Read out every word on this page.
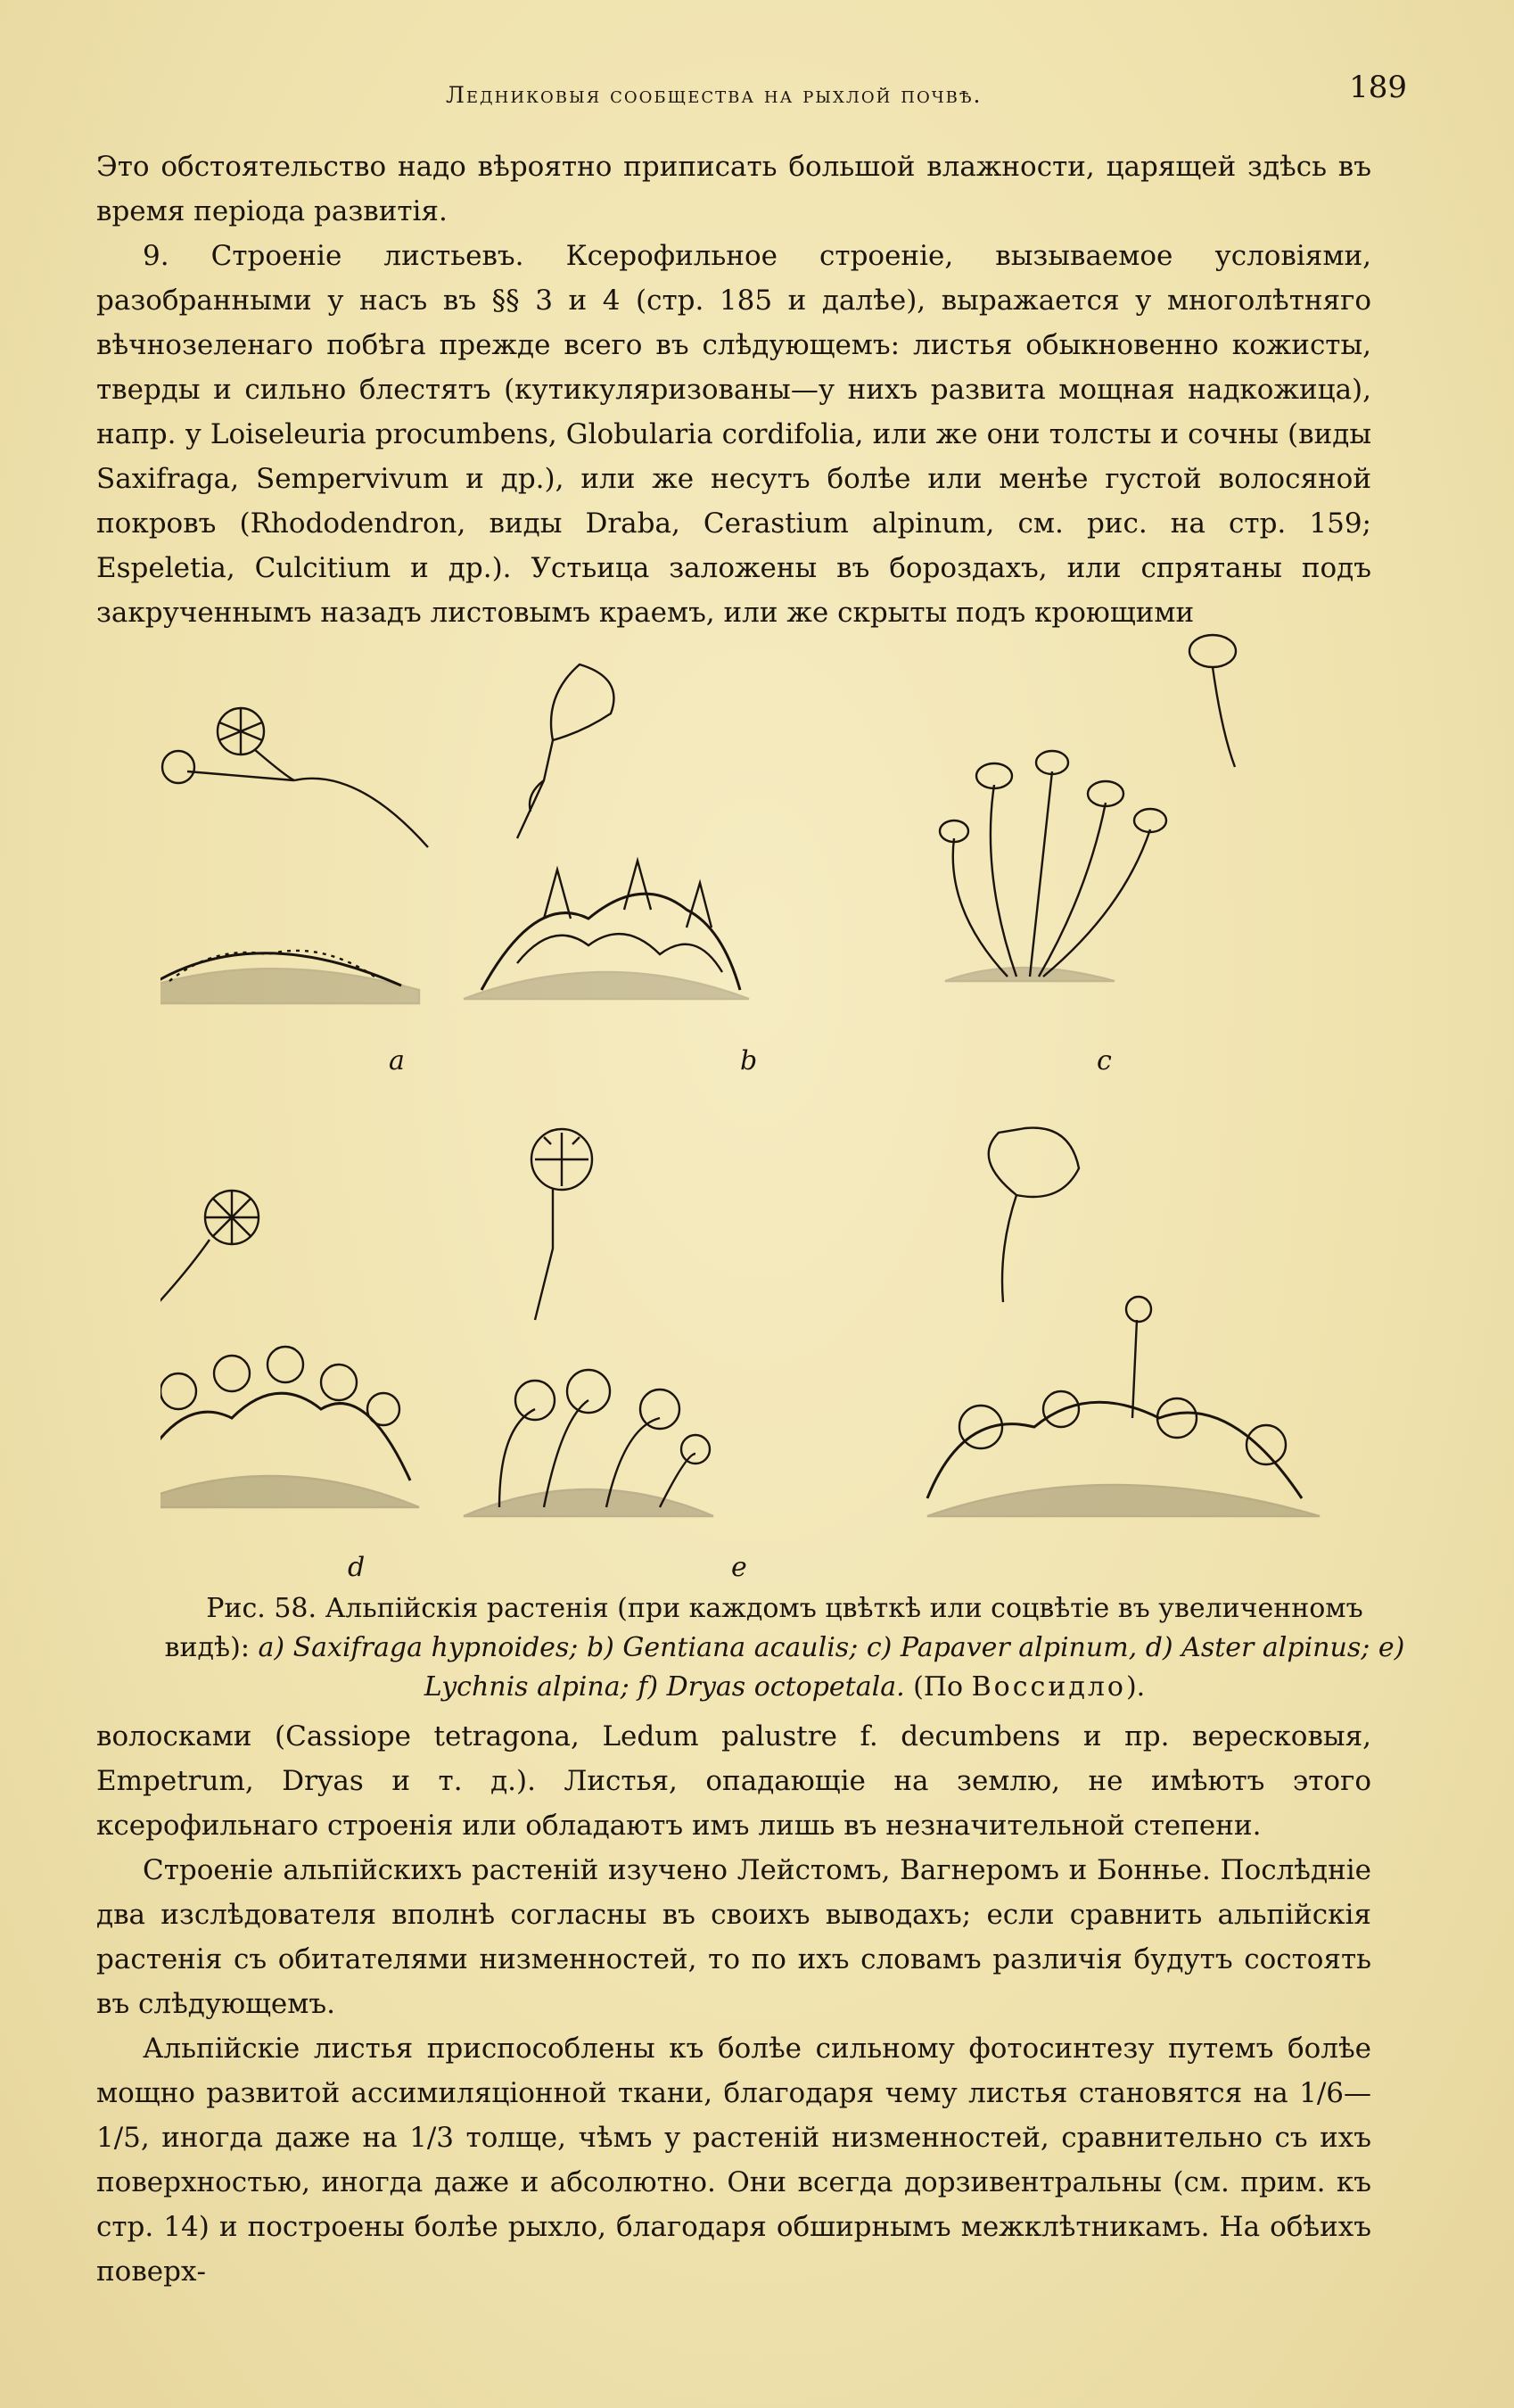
Ледниковыя сообщества на рыхлой почвѣ.	189

Это обстоятельство надо вѣроятно приписать большой влажности, царящей здѣсь въ время періода развитія.

9. Строеніе листьевъ. Ксерофильное строеніе, вызываемое условіями, разобранными у насъ въ §§ 3 и 4 (стр. 185 и далѣе), выражается у многолѣтняго вѣчнозеленаго побѣга прежде всего въ слѣдующемъ: листья обыкновенно кожисты, тверды и сильно блестятъ (кутикуляризованы—у нихъ развита мощная надкожица), напр. у Loiseleuria procumbens, Globularia cordifolia, или же они толсты и сочны (виды Saxifraga, Sempervivum и др.), или же несутъ болѣе или менѣе густой волосяной покровъ (Rhododendron, виды Draba, Cerastium alpinum, см. рис. на стр. 159; Espeletia, Culcitium и др.). Устьица заложены въ бороздахъ, или спрятаны подъ закрученнымъ назадъ листовымъ краемъ, или же скрыты подъ кроющими

a	b	c
d	e
Рис. 58. Альпійскія растенія (при каждомъ цвѣткѣ или соцвѣтіе въ увеличенномъ видѣ): a) Saxifraga hypnoides; b) Gentiana acaulis; c) Papaver alpinum, d) Aster alpinus; e) Lychnis alpina; f) Dryas octopetala. (По Воссидло).

волосками (Cassiope tetragona, Ledum palustre f. decumbens и пр. вересковыя, Empetrum, Dryas и т. д.). Листья, опадающіе на землю, не имѣютъ этого ксерофильнаго строенія или обладаютъ имъ лишь въ незначительной степени.

Строеніе альпійскихъ растеній изучено Лейстомъ, Вагнеромъ и Боннье. Послѣдніе два изслѣдователя вполнѣ согласны въ своихъ выводахъ; если сравнить альпійскія растенія съ обитателями низменностей, то по ихъ словамъ различія будутъ состоять въ слѣдующемъ.

Альпійскіе листья приспособлены къ болѣе сильному фотосинтезу путемъ болѣе мощно развитой ассимиляціонной ткани, благодаря чему листья становятся на 1/6—1/5, иногда даже на 1/3 толще, чѣмъ у растеній низменностей, сравнительно съ ихъ поверхностью, иногда даже и абсолютно. Они всегда дорзивентральны (см. прим. къ стр. 14) и построены болѣе рыхло, благодаря обширнымъ межклѣтникамъ. На обѣихъ поверх-
